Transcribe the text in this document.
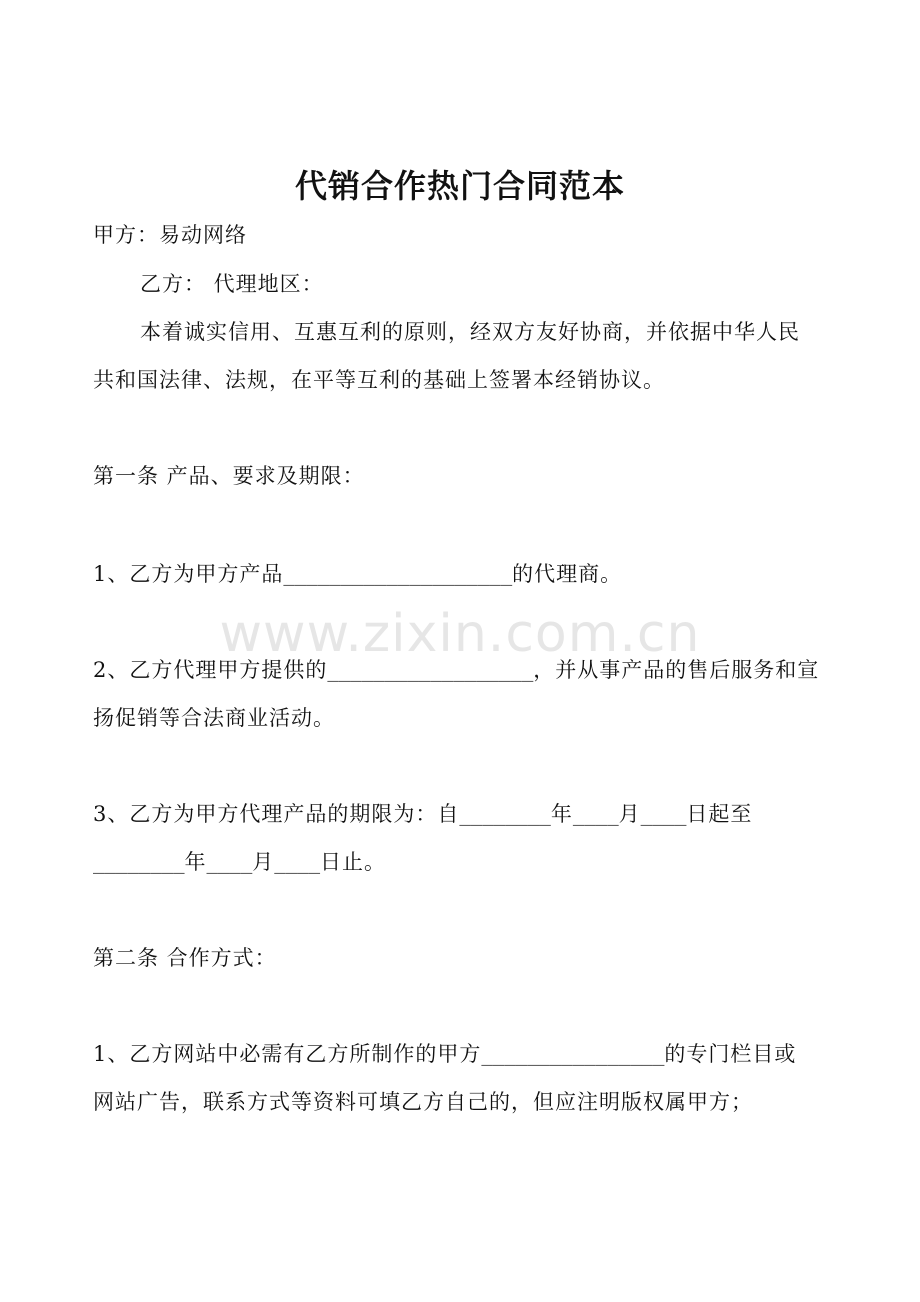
www.zixin.com.cn
代销合作热门合同范本
甲方：易动网络
乙方： 代理地区：
本着诚实信用、互惠互利的原则，经双方友好协商，并依据中华人民
共和国法律、法规，在平等互利的基础上签署本经销协议。
第一条 产品、要求及期限：
1、乙方为甲方产品____________________的代理商。
2、乙方代理甲方提供的__________________，并从事产品的售后服务和宣
扬促销等合法商业活动。
3、乙方为甲方代理产品的期限为：自________年____月____日起至
________年____月____日止。
第二条 合作方式：
1、乙方网站中必需有乙方所制作的甲方________________的专门栏目或
网站广告，联系方式等资料可填乙方自己的，但应注明版权属甲方；
